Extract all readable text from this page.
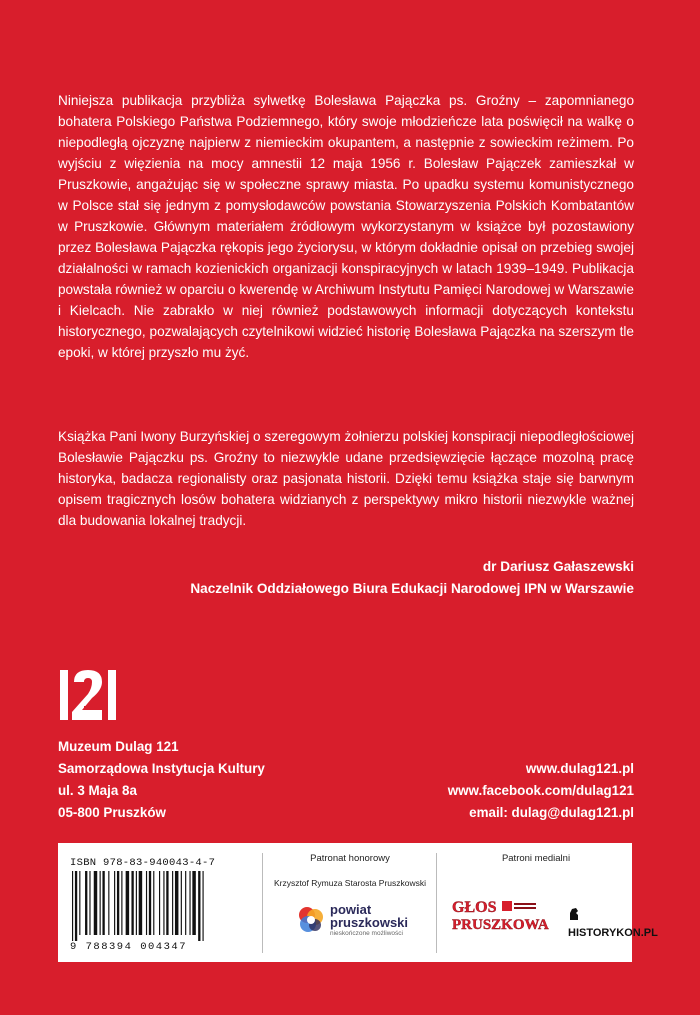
Niniejsza publikacja przybliża sylwetkę Bolesława Pajączka ps. Groźny – zapomnianego bohatera Polskiego Państwa Podziemnego, który swoje młodzieńcze lata poświęcił na walkę o niepodległą ojczyznę najpierw z niemieckim okupantem, a następnie z sowieckim reżimem. Po wyjściu z więzienia na mocy amnestii 12 maja 1956 r. Bolesław Pajączek zamieszkał w Pruszkowie, angażując się w społeczne sprawy miasta. Po upadku systemu komunistycznego w Polsce stał się jednym z pomysłodawców powstania Stowarzyszenia Polskich Kombatantów w Pruszkowie. Głównym materiałem źródłowym wykorzystanym w książce był pozostawiony przez Bolesława Pajączka rękopis jego życiorysu, w którym dokładnie opisał on przebieg swojej działalności w ramach kozienickich organizacji konspiracyjnych w latach 1939–1949. Publikacja powstała również w oparciu o kwerendę w Archiwum Instytutu Pamięci Narodowej w Warszawie i Kielcach. Nie zabrakło w niej również podstawowych informacji dotyczących kontekstu historycznego, pozwalających czytelnikowi widzieć historię Bolesława Pajączka na szerszym tle epoki, w której przyszło mu żyć.

Książka Pani Iwony Burzyńskiej o szeregowym żołnierzu polskiej konspiracji niepodległościowej Bolesławie Pajączku ps. Groźny to niezwykle udane przedsięwzięcie łączące mozolną pracę historyka, badacza regionalisty oraz pasjonata historii. Dzięki temu książka staje się barwnym opisem tragicznych losów bohatera widzianych z perspektywy mikro historii niezwykle ważnej dla budowania lokalnej tradycji.

dr Dariusz Gałaszewski
Naczelnik Oddziałowego Biura Edukacji Narodowej IPN w Warszawie
Muzeum Dulag 121
Samorządowa Instytucja Kultury
ul. 3 Maja 8a
05-800 Pruszków
www.dulag121.pl
www.facebook.com/dulag121
email: dulag@dulag121.pl
ISBN 978-83-940043-4-7
9 788394 004347
Patronat honorowy
Krzysztof Rymuza Starosta Pruszkowski
powiat
pruszkowski
nieskończone możliwości
Patroni medialni
GŁOS
PRUSZKOWA HISTORYKON.PL
